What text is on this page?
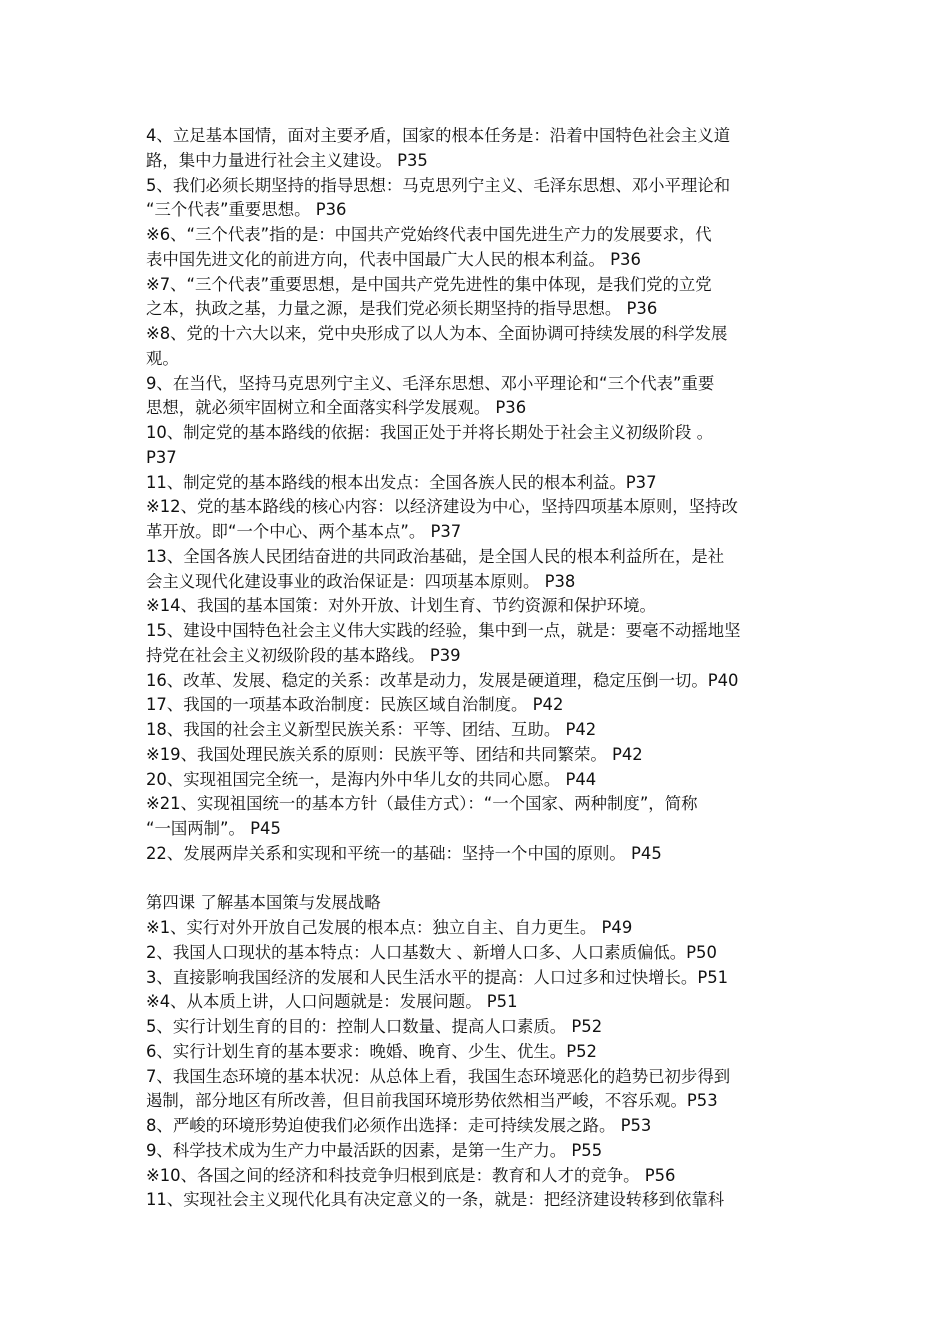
4、立足基本国情，面对主要矛盾，国家的根本任务是：沿着中国特色社会主义道
路，集中力量进行社会主义建设。 P35
5、我们必须长期坚持的指导思想：马克思列宁主义、毛泽东思想、邓小平理论和
“三个代表”重要思想。 P36
※6、“三个代表”指的是：中国共产党始终代表中国先进生产力的发展要求，代
表中国先进文化的前进方向，代表中国最广大人民的根本利益。 P36
※7、“三个代表”重要思想，是中国共产党先进性的集中体现，是我们党的立党
之本，执政之基，力量之源，是我们党必须长期坚持的指导思想。 P36
※8、党的十六大以来，党中央形成了以人为本、全面协调可持续发展的科学发展
观。
9、在当代，坚持马克思列宁主义、毛泽东思想、邓小平理论和“三个代表”重要
思想，就必须牢固树立和全面落实科学发展观。 P36
10、制定党的基本路线的依据：我国正处于并将长期处于社会主义初级阶段 。
P37
11、制定党的基本路线的根本出发点：全国各族人民的根本利益。P37
※12、党的基本路线的核心内容：以经济建设为中心，坚持四项基本原则，坚持改
革开放。即“一个中心、两个基本点”。 P37
13、全国各族人民团结奋进的共同政治基础，是全国人民的根本利益所在，是社
会主义现代化建设事业的政治保证是：四项基本原则。 P38
※14、我国的基本国策：对外开放、计划生育、节约资源和保护环境。
15、建设中国特色社会主义伟大实践的经验，集中到一点，就是：要毫不动摇地坚
持党在社会主义初级阶段的基本路线。 P39
16、改革、发展、稳定的关系：改革是动力，发展是硬道理，稳定压倒一切。P40
17、我国的一项基本政治制度：民族区域自治制度。 P42
18、我国的社会主义新型民族关系：平等、团结、互助。 P42
※19、我国处理民族关系的原则：民族平等、团结和共同繁荣。 P42
20、实现祖国完全统一，是海内外中华儿女的共同心愿。 P44
※21、实现祖国统一的基本方针（最佳方式）：“一个国家、两种制度”，简称
“一国两制”。 P45
22、发展两岸关系和实现和平统一的基础：坚持一个中国的原则。 P45
第四课 了解基本国策与发展战略
※1、实行对外开放自己发展的根本点：独立自主、自力更生。 P49
2、我国人口现状的基本特点：人口基数大 、新增人口多、人口素质偏低。P50
3、直接影响我国经济的发展和人民生活水平的提高：人口过多和过快增长。P51
※4、从本质上讲，人口问题就是：发展问题。 P51
5、实行计划生育的目的：控制人口数量、提高人口素质。 P52
6、实行计划生育的基本要求：晚婚、晚育、少生、优生。P52
7、我国生态环境的基本状况：从总体上看，我国生态环境恶化的趋势已初步得到
遏制，部分地区有所改善，但目前我国环境形势依然相当严峻，不容乐观。P53
8、严峻的环境形势迫使我们必须作出选择：走可持续发展之路。 P53
9、科学技术成为生产力中最活跃的因素，是第一生产力。 P55
※10、各国之间的经济和科技竞争归根到底是：教育和人才的竞争。 P56
11、实现社会主义现代化具有决定意义的一条，就是：把经济建设转移到依靠科
